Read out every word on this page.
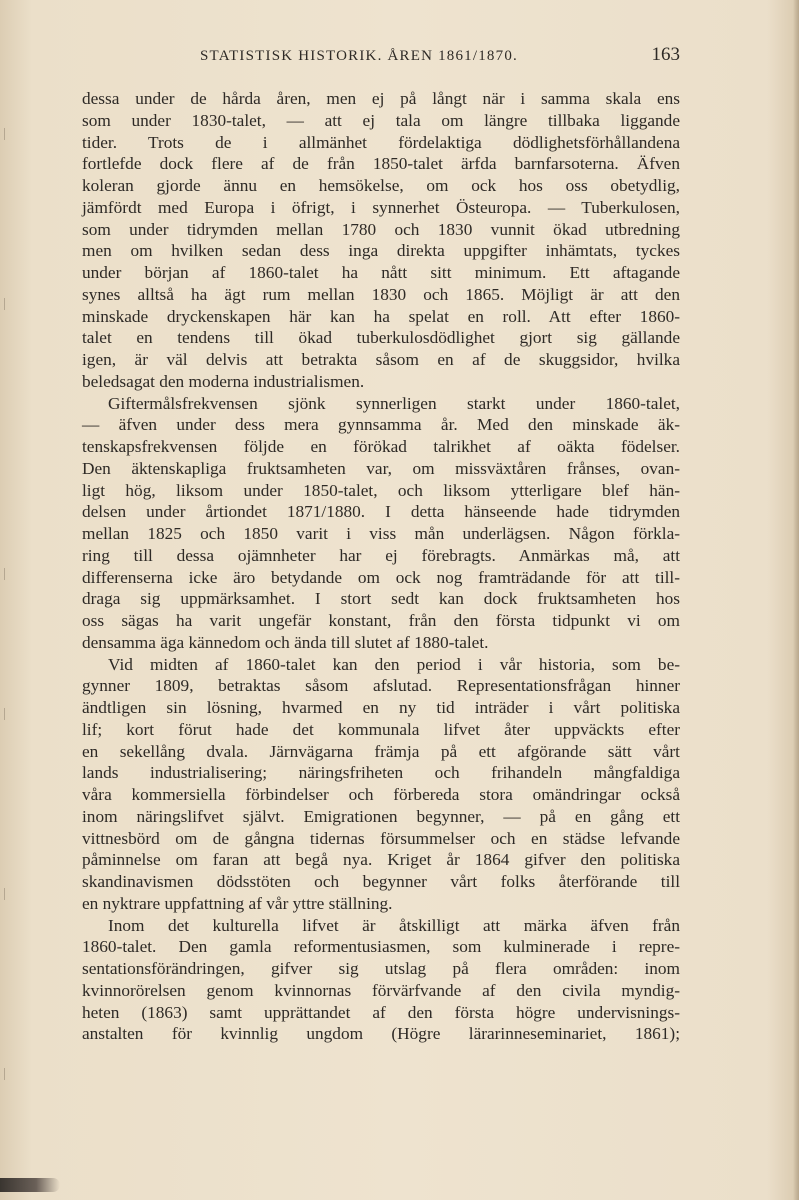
STATISTISK HISTORIK. ÅREN 1861/1870.	163
dessa under de hårda åren, men ej på långt när i samma skala ens
som under 1830-talet, — att ej tala om längre tillbaka liggande
tider. Trots de i allmänhet fördelaktiga dödlighetsförhållandena
fortlefde dock flere af de från 1850-talet ärfda barnfarsoterna. Äfven
koleran gjorde ännu en hemsökelse, om ock hos oss obetydlig,
jämfördt med Europa i öfrigt, i synnerhet Östeuropa. — Tuberkulosen,
som under tidrymden mellan 1780 och 1830 vunnit ökad utbredning
men om hvilken sedan dess inga direkta uppgifter inhämtats, tyckes
under början af 1860-talet ha nått sitt minimum. Ett aftagande
synes alltså ha ägt rum mellan 1830 och 1865. Möjligt är att den
minskade dryckenskapen här kan ha spelat en roll. Att efter 1860-
talet en tendens till ökad tuberkulosdödlighet gjort sig gällande
igen, är väl delvis att betrakta såsom en af de skuggsidor, hvilka
beledsagat den moderna industrialismen.
Giftermålsfrekvensen sjönk synnerligen starkt under 1860-talet,
— äfven under dess mera gynnsamma år. Med den minskade äk-
tenskapsfrekvensen följde en förökad talrikhet af oäkta födelser.
Den äktenskapliga fruktsamheten var, om missväxtåren frånses, ovan-
ligt hög, liksom under 1850-talet, och liksom ytterligare blef hän-
delsen under årtiondet 1871/1880. I detta hänseende hade tidrymden
mellan 1825 och 1850 varit i viss mån underlägsen. Någon förkla-
ring till dessa ojämnheter har ej förebragts. Anmärkas må, att
differenserna icke äro betydande om ock nog framträdande för att till-
draga sig uppmärksamhet. I stort sedt kan dock fruktsamheten hos
oss sägas ha varit ungefär konstant, från den första tidpunkt vi om
densamma äga kännedom och ända till slutet af 1880-talet.
Vid midten af 1860-talet kan den period i vår historia, som be-
gynner 1809, betraktas såsom afslutad. Representationsfrågan hinner
ändtligen sin lösning, hvarmed en ny tid inträder i vårt politiska
lif; kort förut hade det kommunala lifvet åter uppväckts efter
en sekellång dvala. Järnvägarna främja på ett afgörande sätt vårt
lands industrialisering; näringsfriheten och frihandeln mångfaldiga
våra kommersiella förbindelser och förbereda stora omändringar också
inom näringslifvet självt. Emigrationen begynner, — på en gång ett
vittnesbörd om de gångna tidernas försummelser och en städse lefvande
påminnelse om faran att begå nya. Kriget år 1864 gifver den politiska
skandinavismen dödsstöten och begynner vårt folks återförande till
en nyktrare uppfattning af vår yttre ställning.
Inom det kulturella lifvet är åtskilligt att märka äfven från
1860-talet. Den gamla reformentusiasmen, som kulminerade i repre-
sentationsförändringen, gifver sig utslag på flera områden: inom
kvinnorörelsen genom kvinnornas förvärfvande af den civila myndig-
heten (1863) samt upprättandet af den första högre undervisnings-
anstalten för kvinnlig ungdom (Högre lärarinneseminariet, 1861);
